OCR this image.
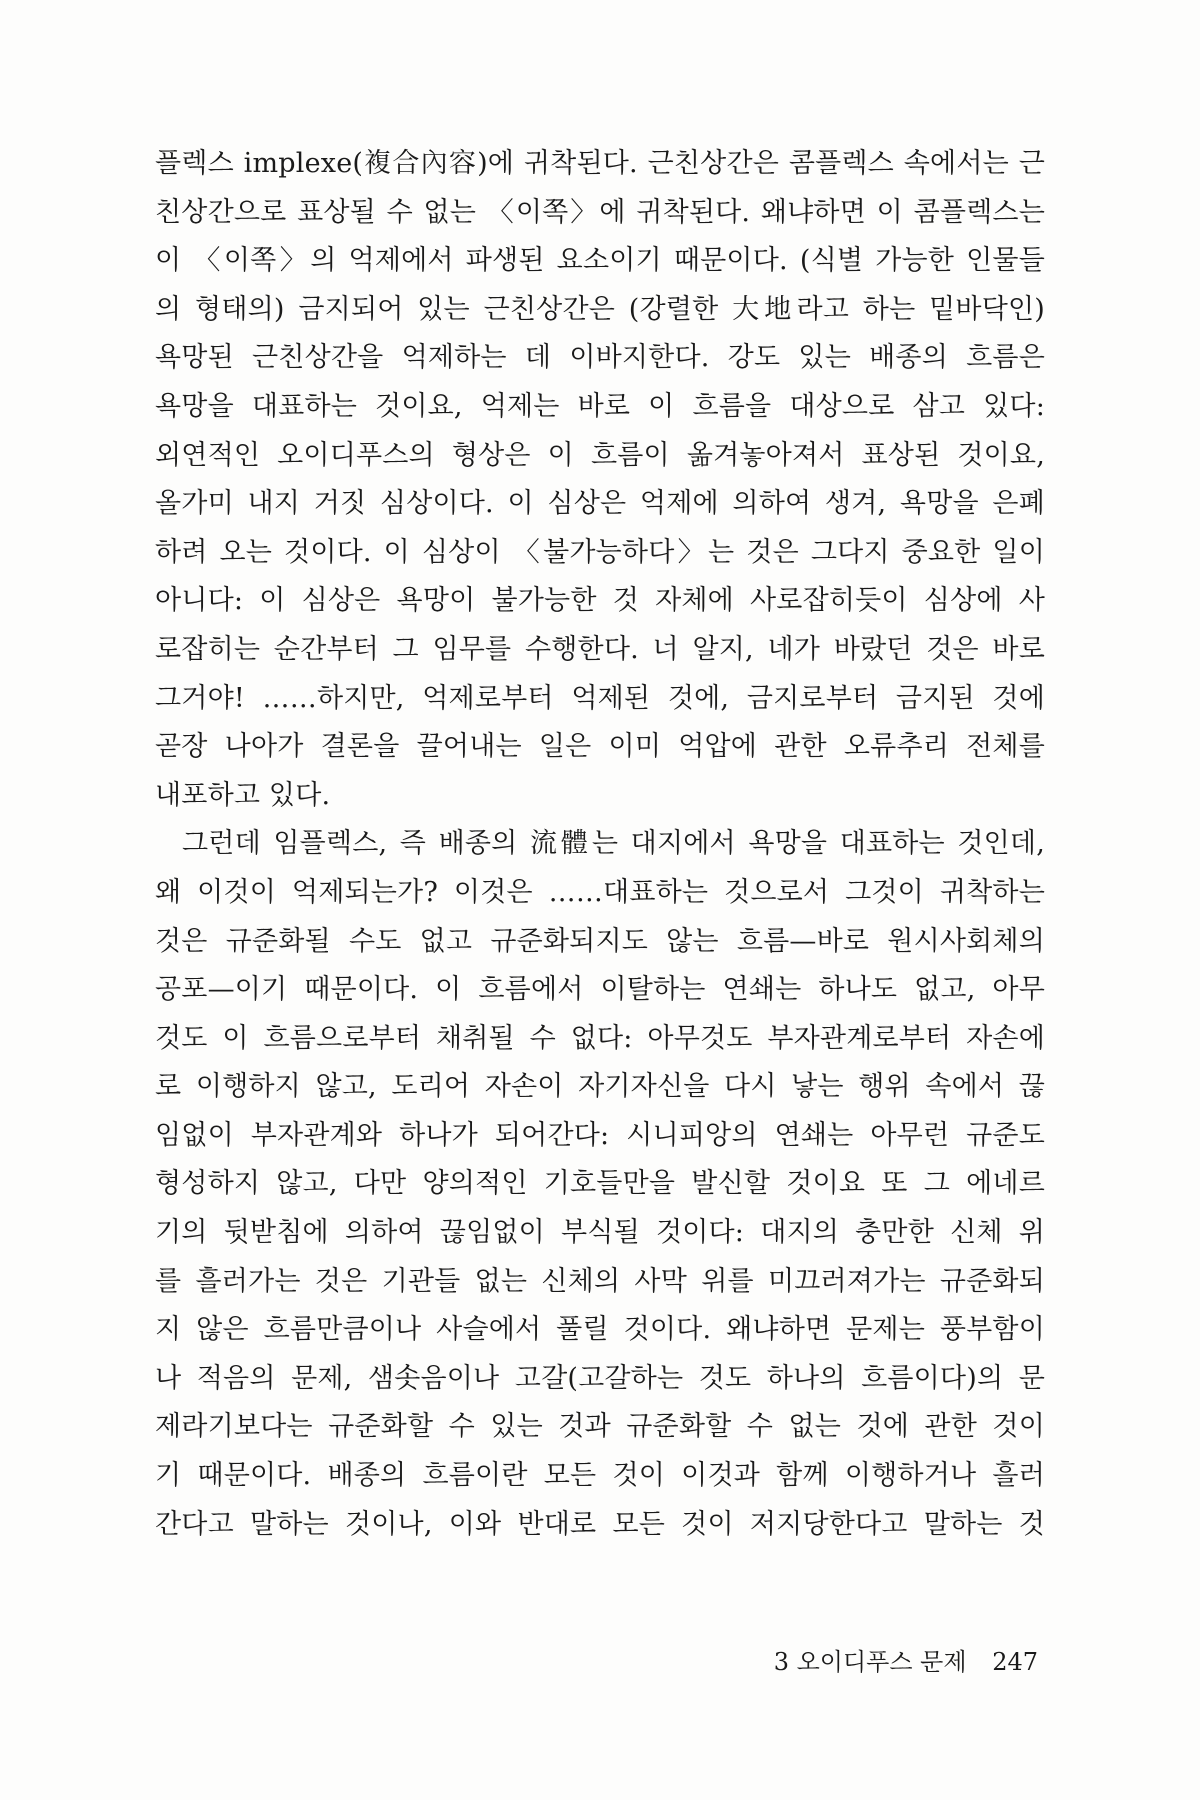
플렉스 implexe(複合內容)에 귀착된다. 근친상간은 콤플렉스 속에서는 근
친상간으로 표상될 수 없는 〈이쪽〉에 귀착된다. 왜냐하면 이 콤플렉스는
이 〈이쪽〉의 억제에서 파생된 요소이기 때문이다. (식별 가능한 인물들
의 형태의) 금지되어 있는 근친상간은 (강렬한 大地라고 하는 밑바닥인)
욕망된 근친상간을 억제하는 데 이바지한다. 강도 있는 배종의 흐름은
욕망을 대표하는 것이요, 억제는 바로 이 흐름을 대상으로 삼고 있다:
외연적인 오이디푸스의 형상은 이 흐름이 옮겨놓아져서 표상된 것이요,
올가미 내지 거짓 심상이다. 이 심상은 억제에 의하여 생겨, 욕망을 은폐
하려 오는 것이다. 이 심상이 〈불가능하다〉는 것은 그다지 중요한 일이
아니다: 이 심상은 욕망이 불가능한 것 자체에 사로잡히듯이 심상에 사
로잡히는 순간부터 그 임무를 수행한다. 너 알지, 네가 바랐던 것은 바로
그거야! ……하지만, 억제로부터 억제된 것에, 금지로부터 금지된 것에
곧장 나아가 결론을 끌어내는 일은 이미 억압에 관한 오류추리 전체를
내포하고 있다.
그런데 임플렉스, 즉 배종의 流體는 대지에서 욕망을 대표하는 것인데,
왜 이것이 억제되는가? 이것은 ……대표하는 것으로서 그것이 귀착하는
것은 규준화될 수도 없고 규준화되지도 않는 흐름—바로 원시사회체의
공포—이기 때문이다. 이 흐름에서 이탈하는 연쇄는 하나도 없고, 아무
것도 이 흐름으로부터 채취될 수 없다: 아무것도 부자관계로부터 자손에
로 이행하지 않고, 도리어 자손이 자기자신을 다시 낳는 행위 속에서 끊
임없이 부자관계와 하나가 되어간다: 시니피앙의 연쇄는 아무런 규준도
형성하지 않고, 다만 양의적인 기호들만을 발신할 것이요 또 그 에네르
기의 뒷받침에 의하여 끊임없이 부식될 것이다: 대지의 충만한 신체 위
를 흘러가는 것은 기관들 없는 신체의 사막 위를 미끄러져가는 규준화되
지 않은 흐름만큼이나 사슬에서 풀릴 것이다. 왜냐하면 문제는 풍부함이
나 적음의 문제, 샘솟음이나 고갈(고갈하는 것도 하나의 흐름이다)의 문
제라기보다는 규준화할 수 있는 것과 규준화할 수 없는 것에 관한 것이
기 때문이다. 배종의 흐름이란 모든 것이 이것과 함께 이행하거나 흘러
간다고 말하는 것이나, 이와 반대로 모든 것이 저지당한다고 말하는 것
3 오이디푸스 문제 247
